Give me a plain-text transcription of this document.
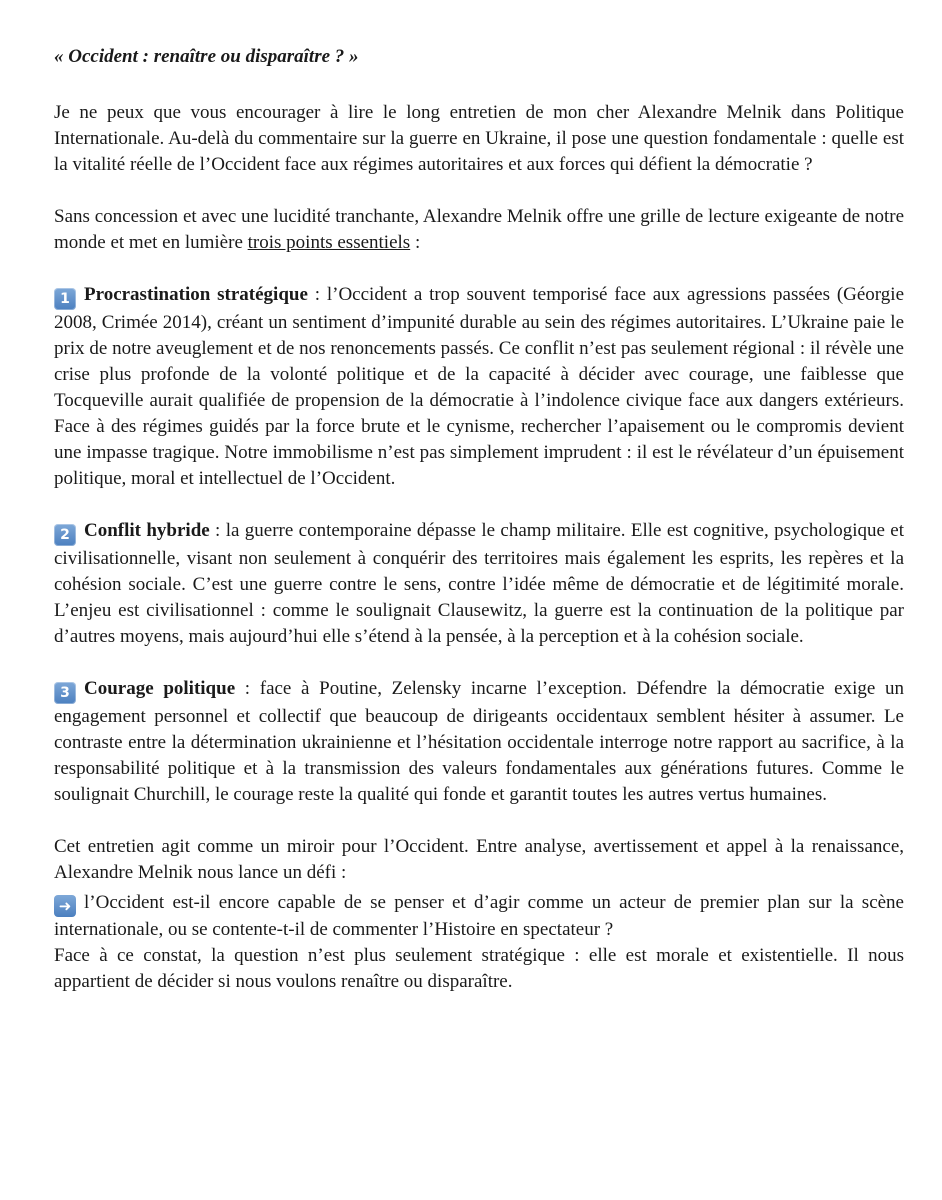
« Occident : renaître ou disparaître ? »

Je ne peux que vous encourager à lire le long entretien de mon cher Alexandre Melnik dans Politique Internationale. Au-delà du commentaire sur la guerre en Ukraine, il pose une question fondamentale : quelle est la vitalité réelle de l’Occident face aux régimes autoritaires et aux forces qui défient la démocratie ?

Sans concession et avec une lucidité tranchante, Alexandre Melnik offre une grille de lecture exigeante de notre monde et met en lumière trois points essentiels :

1 Procrastination stratégique : l’Occident a trop souvent temporisé face aux agressions passées (Géorgie 2008, Crimée 2014), créant un sentiment d’impunité durable au sein des régimes autoritaires. L’Ukraine paie le prix de notre aveuglement et de nos renoncements passés. Ce conflit n’est pas seulement régional : il révèle une crise plus profonde de la volonté politique et de la capacité à décider avec courage, une faiblesse que Tocqueville aurait qualifiée de propension de la démocratie à l’indolence civique face aux dangers extérieurs. Face à des régimes guidés par la force brute et le cynisme, rechercher l’apaisement ou le compromis devient une impasse tragique. Notre immobilisme n’est pas simplement imprudent : il est le révélateur d’un épuisement politique, moral et intellectuel de l’Occident.

2 Conflit hybride : la guerre contemporaine dépasse le champ militaire. Elle est cognitive, psychologique et civilisationnelle, visant non seulement à conquérir des territoires mais également les esprits, les repères et la cohésion sociale. C’est une guerre contre le sens, contre l’idée même de démocratie et de légitimité morale. L’enjeu est civilisationnel : comme le soulignait Clausewitz, la guerre est la continuation de la politique par d’autres moyens, mais aujourd’hui elle s’étend à la pensée, à la perception et à la cohésion sociale.

3 Courage politique : face à Poutine, Zelensky incarne l’exception. Défendre la démocratie exige un engagement personnel et collectif que beaucoup de dirigeants occidentaux semblent hésiter à assumer. Le contraste entre la détermination ukrainienne et l’hésitation occidentale interroge notre rapport au sacrifice, à la responsabilité politique et à la transmission des valeurs fondamentales aux générations futures. Comme le soulignait Churchill, le courage reste la qualité qui fonde et garantit toutes les autres vertus humaines.

Cet entretien agit comme un miroir pour l’Occident. Entre analyse, avertissement et appel à la renaissance, Alexandre Melnik nous lance un défi :

➜ l’Occident est-il encore capable de se penser et d’agir comme un acteur de premier plan sur la scène internationale, ou se contente-t-il de commenter l’Histoire en spectateur ?

Face à ce constat, la question n’est plus seulement stratégique : elle est morale et existentielle. Il nous appartient de décider si nous voulons renaître ou disparaître.
